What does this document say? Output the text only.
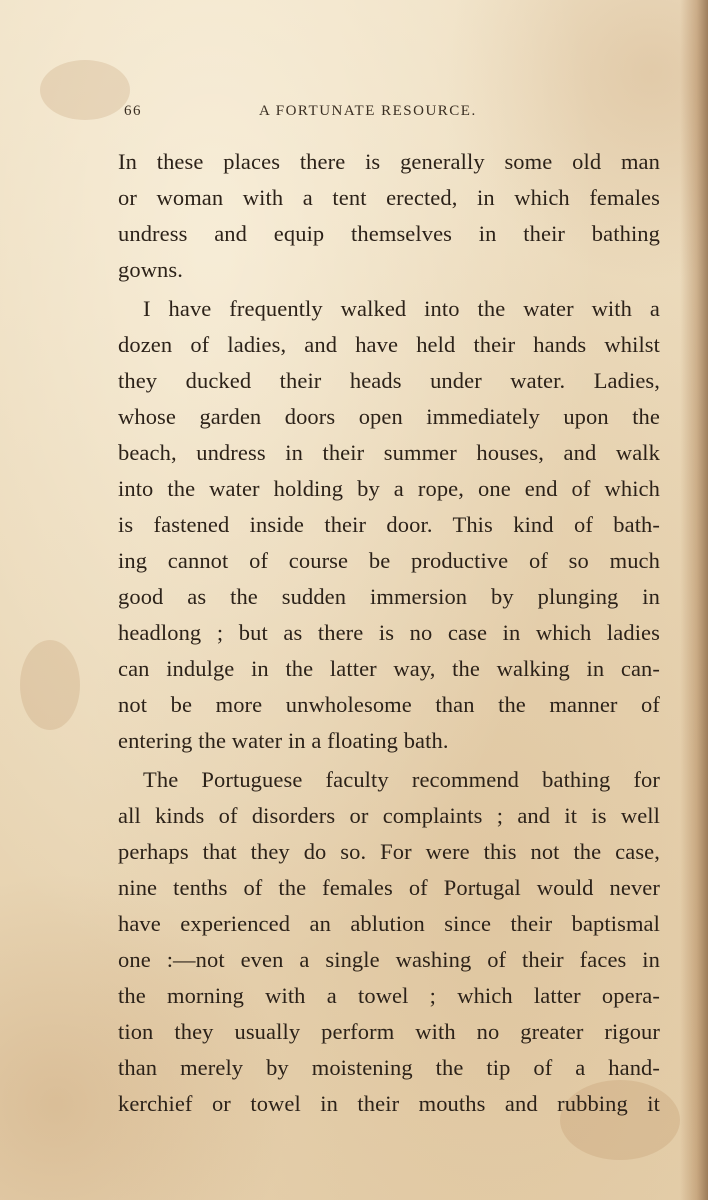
66	A FORTUNATE RESOURCE.
In these places there is generally some old man
or woman with a tent erected, in which females
undress and equip themselves in their bathing
gowns.
I have frequently walked into the water with a
dozen of ladies, and have held their hands whilst
they ducked their heads under water. Ladies,
whose garden doors open immediately upon the
beach, undress in their summer houses, and walk
into the water holding by a rope, one end of which
is fastened inside their door. This kind of bath-
ing cannot of course be productive of so much
good as the sudden immersion by plunging in
headlong ; but as there is no case in which ladies
can indulge in the latter way, the walking in can-
not be more unwholesome than the manner of
entering the water in a floating bath.
The Portuguese faculty recommend bathing for
all kinds of disorders or complaints ; and it is well
perhaps that they do so. For were this not the case,
nine tenths of the females of Portugal would never
have experienced an ablution since their baptismal
one :—not even a single washing of their faces in
the morning with a towel ; which latter opera-
tion they usually perform with no greater rigour
than merely by moistening the tip of a hand-
kerchief or towel in their mouths and rubbing it
